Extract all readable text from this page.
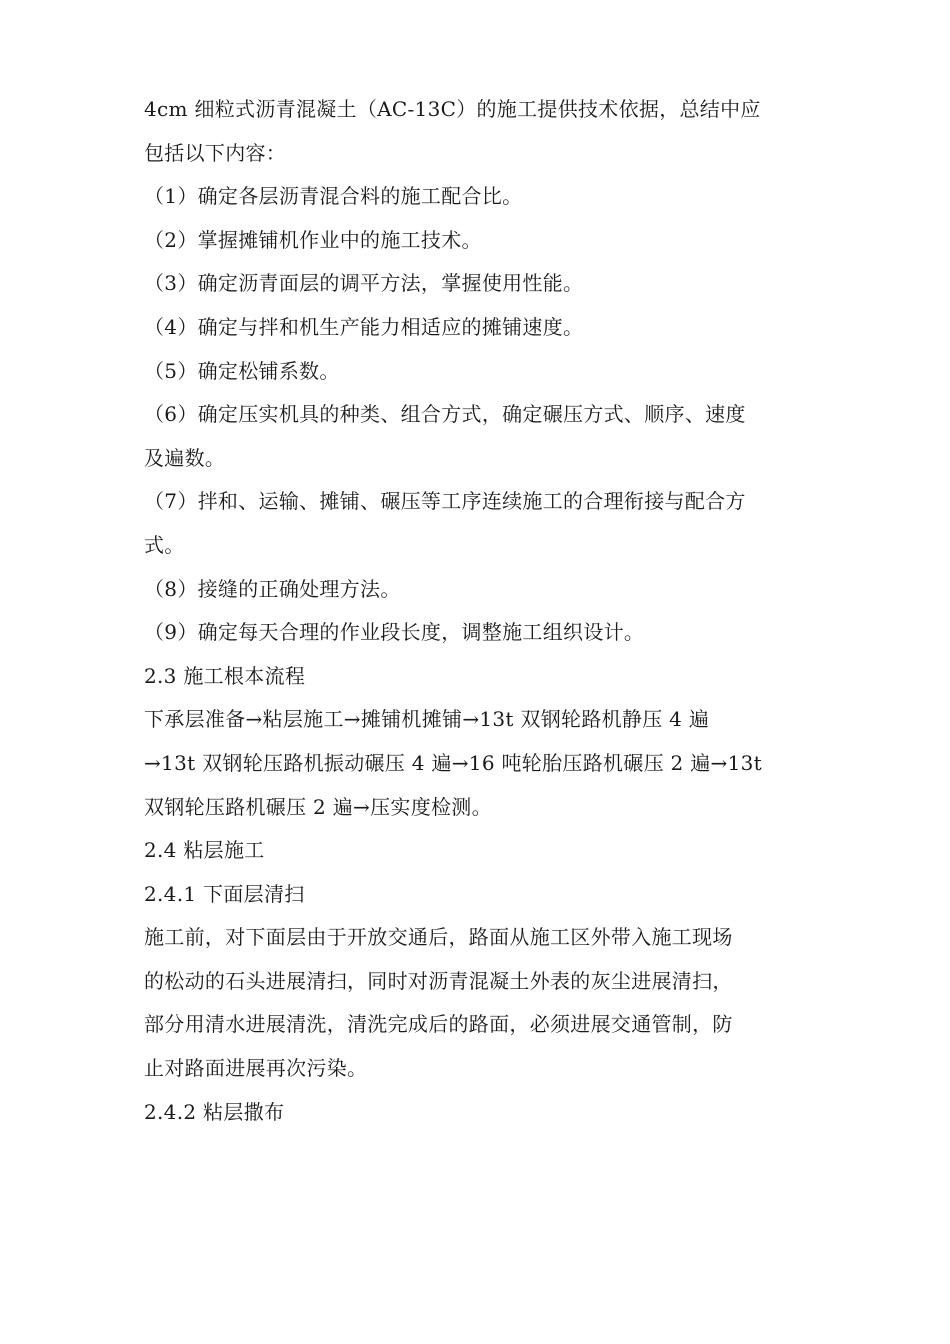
4cm 细粒式沥青混凝土（AC-13C）的施工提供技术依据，总结中应
包括以下内容：
（1）确定各层沥青混合料的施工配合比。
（2）掌握摊铺机作业中的施工技术。
（3）确定沥青面层的调平方法，掌握使用性能。
（4）确定与拌和机生产能力相适应的摊铺速度。
（5）确定松铺系数。
（6）确定压实机具的种类、组合方式，确定碾压方式、顺序、速度
及遍数。
（7）拌和、运输、摊铺、碾压等工序连续施工的合理衔接与配合方
式。
（8）接缝的正确处理方法。
（9）确定每天合理的作业段长度，调整施工组织设计。
2.3 施工根本流程
下承层准备→粘层施工→摊铺机摊铺→13t 双钢轮路机静压 4 遍
→13t 双钢轮压路机振动碾压 4 遍→16 吨轮胎压路机碾压 2 遍→13t
双钢轮压路机碾压 2 遍→压实度检测。
2.4 粘层施工
2.4.1 下面层清扫
施工前，对下面层由于开放交通后，路面从施工区外带入施工现场
的松动的石头进展清扫，同时对沥青混凝土外表的灰尘进展清扫，
部分用清水进展清洗，清洗完成后的路面，必须进展交通管制，防
止对路面进展再次污染。
2.4.2 粘层撒布
